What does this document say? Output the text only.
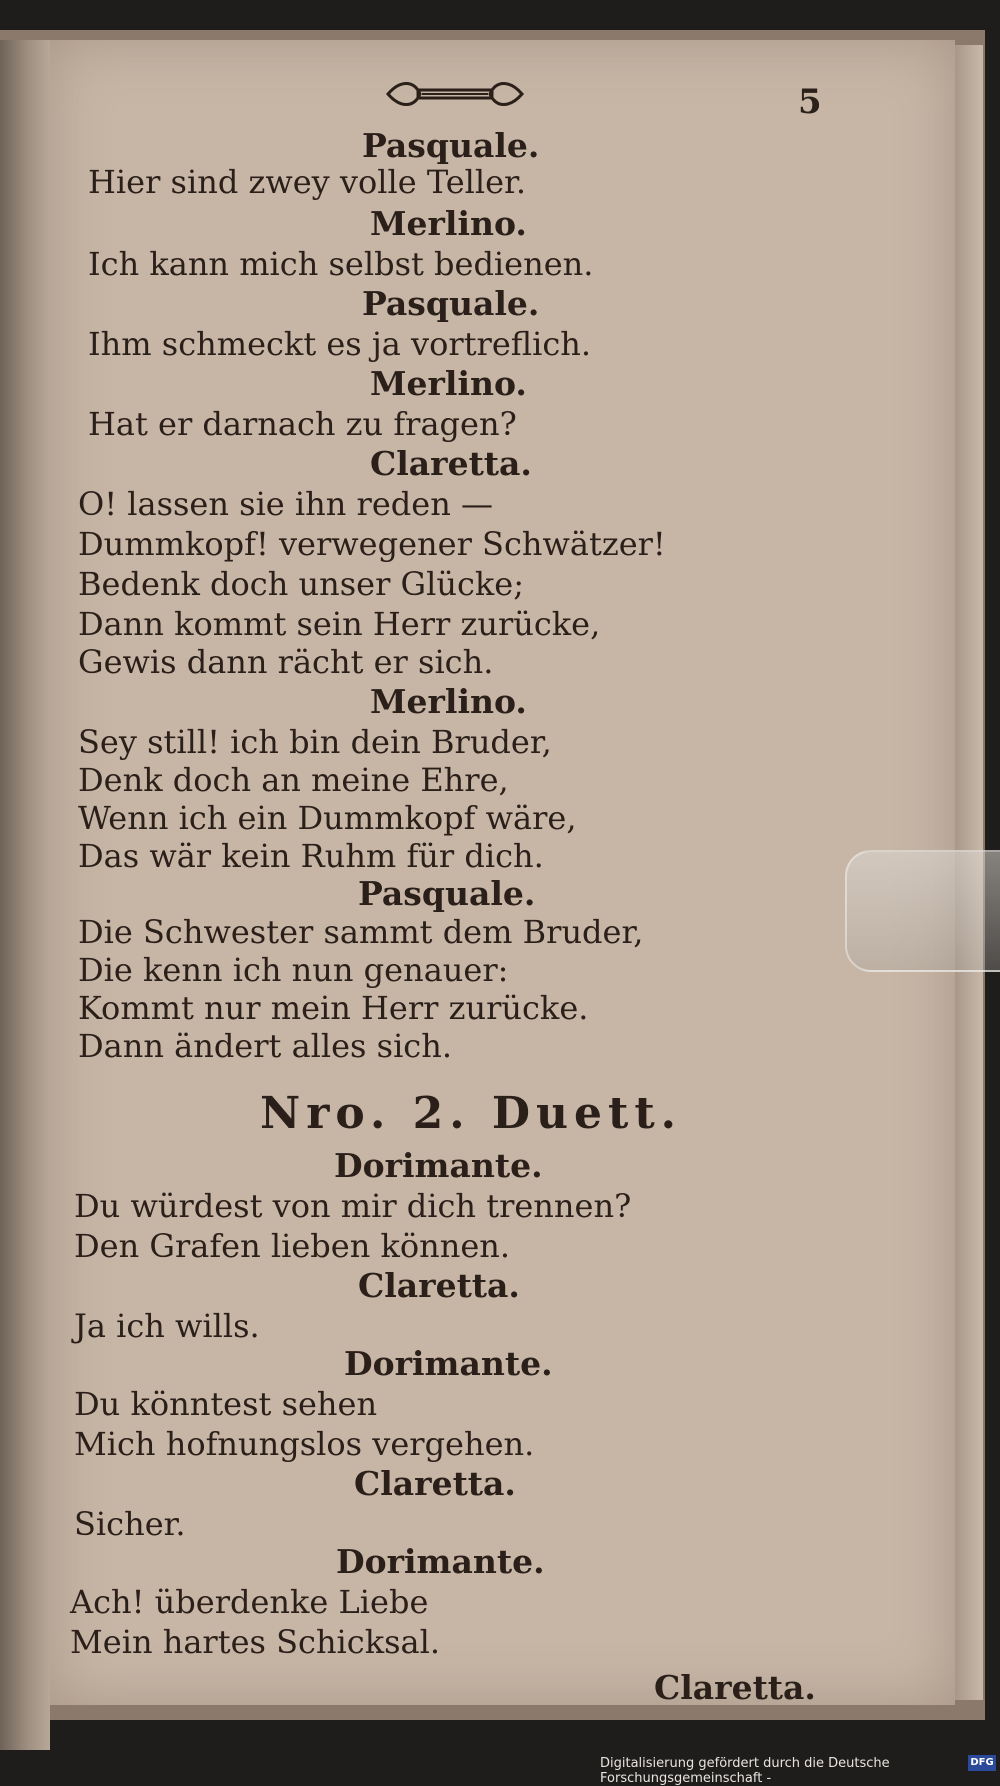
5
Pasquale.
Hier sind zwey volle Teller.
Merlino.
Ich kann mich selbst bedienen.
Pasquale.
Ihm schmeckt es ja vortreflich.
Merlino.
Hat er darnach zu fragen?
Claretta.
O! lassen sie ihn reden —
Dummkopf! verwegener Schwätzer!
Bedenk doch unser Glücke;
Dann kommt sein Herr zurücke,
Gewis dann rächt er sich.
Merlino.
Sey still! ich bin dein Bruder,
Denk doch an meine Ehre,
Wenn ich ein Dummkopf wäre,
Das wär kein Ruhm für dich.
Pasquale.
Die Schwester sammt dem Bruder,
Die kenn ich nun genauer:
Kommt nur mein Herr zurücke.
Dann ändert alles sich.
Nro. 2. Duett.
Dorimante.
Du würdest von mir dich trennen?
Den Grafen lieben können.
Claretta.
Ja ich wills.
Dorimante.
Du könntest sehen
Mich hofnungslos vergehen.
Claretta.
Sicher.
Dorimante.
Ach! überdenke Liebe
Mein hartes Schicksal.
Claretta.
Digitalisierung gefördert durch die Deutsche Forschungsgemeinschaft -
DFG
